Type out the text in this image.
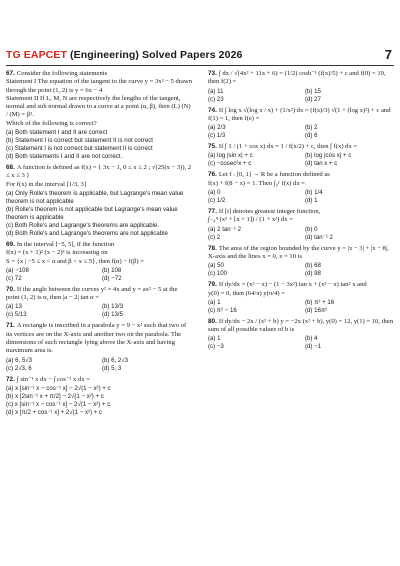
TG EAPCET (Engineering) Solved Papers 2026	7

67. Consider the following statements

Statement I The equation of the tangent to the curve y = 3x² − 5 drawn through the point (1, 2) is y = 6x − 4

Statement II If L, M, N are respectively the lengths of the tangent, normal and sub normal drawn to a curve at a point (α, β), then (L) (N) / (M) = β².

Which of the following is correct?

(a) Both statement I and II are correct
(b) Statement I is correct but statement II is not correct
(c) Statement I is not correct but statement II is correct
(d) Both statements I and II are not correct.

68. A function is defined as f(x) = { 3x − 1, 0 ≤ x ≤ 2 ; √(25(x − 3)), 2 ≤ x ≤ 3 }

For f(x) in the interval [1/3, 3]

(a) Only Rolle's theorem is applicable, but Lagrange's mean value theorem is not applicable
(b) Rolle's theorem is not applicable but Lagrange's mean value theorem is applicable
(c) Both Rolle's and Lagrange's theorems are applicable.
(d) Both Rolle's and Lagrange's theorems are not applicable

69. In the interval [−5, 5], if the function

f(x) = (x + 1)² (x − 2)³ is increasing on

S = {x | −5 ≤ x < α and β < x ≤ 5}, then f(α) − f(β) =

(a) −108	(b) 108
(c) 72	(d) −72

70. If the angle between the curves y² = 4x and y = ax² − 5 at the point (1, 2) is α, then |a − 2| tan α =

(a) 13	(b) 13/3
(c) 5/13	(d) 13/5

71. A rectangle is inscribed in a parabola y = 9 − x² such that two of its vertices are on the X-axis and another two on the parabola. The dimensions of such rectangle lying above the X-axis and having maximum area is.

(a) 6, 5√3	(b) 6, 2√3
(c) 2√3, 6	(d) 5, 3

72. ∫ sin⁻¹ x dx − ∫ cos⁻¹ x dx =

(a) x [sin⁻¹ x − cos⁻¹ x] − 2√(1 − x²) + c
(b) x [2sin⁻¹ x + π/2] − 2√(1 − x²) + c
(c) x [sin⁻¹ x − cos⁻¹ x] − 2√(1 − x²) + c
(d) x [π/2 + cos⁻¹ x] + 2√(1 − x²) + c

73. ∫ dx / √(4x² + 11x + 6) = (1/2) cosh⁻¹ (f(x)/5) + c and f(0) = 19, then f(2) =

(a) 11	(b) 15
(c) 23	(d) 27

74. If ∫ log x √(log x / x) + (1/x²) dx = (f(x)/3) √(1 + (log x)²) + c and f(1) = 1, then f(e) =

(a) 2/3	(b) 2
(c) 1/3	(d) 6

75. If ∫ 1 / (1 + cos x) dx = 1 / f(x/2) + c, then ∫ f(x) dx =

(a) log |sin x| + c	(b) log |cos x| + c
(c) −cosec²x + c	(d) tan x + c

76. Let f : [0, 1] → R be a function defined as

f(x) + f(8 − x) = 1. Then ∫₀¹ f(x) dx =

(a) 0	(b) 1/4
(c) 1/2	(d) 1

77. If [t] denotes greatest integer function,

∫₋₄⁴ (x³ + [x + 1]) / (1 + x²) dx =

(a) 2 tan⁻¹ 2	(b) 0
(c) 2	(d) tan⁻¹ 2

78. The area of the region bounded by the curve y = |x − 3| + |x − 8|, X-axis and the lines x = 0, x = 10 is

(a) 50	(b) 68
(c) 100	(d) 98

79. If dy/dx = (x³ − x) − (1 − 3x²) tan x + (x³ − x) tan² x and

y(0) = 0, then (64/π) y(π/4) =

(a) 1	(b) π² + 16
(c) π² − 16	(d) 16π²

80. If dy/dx − 2x / (x² + b) y = −2x (x² + b), y(0) = 12, y(1) = 10, then sum of all possible values of b is

(a) 1	(b) 4
(c) −3	(d) −1
